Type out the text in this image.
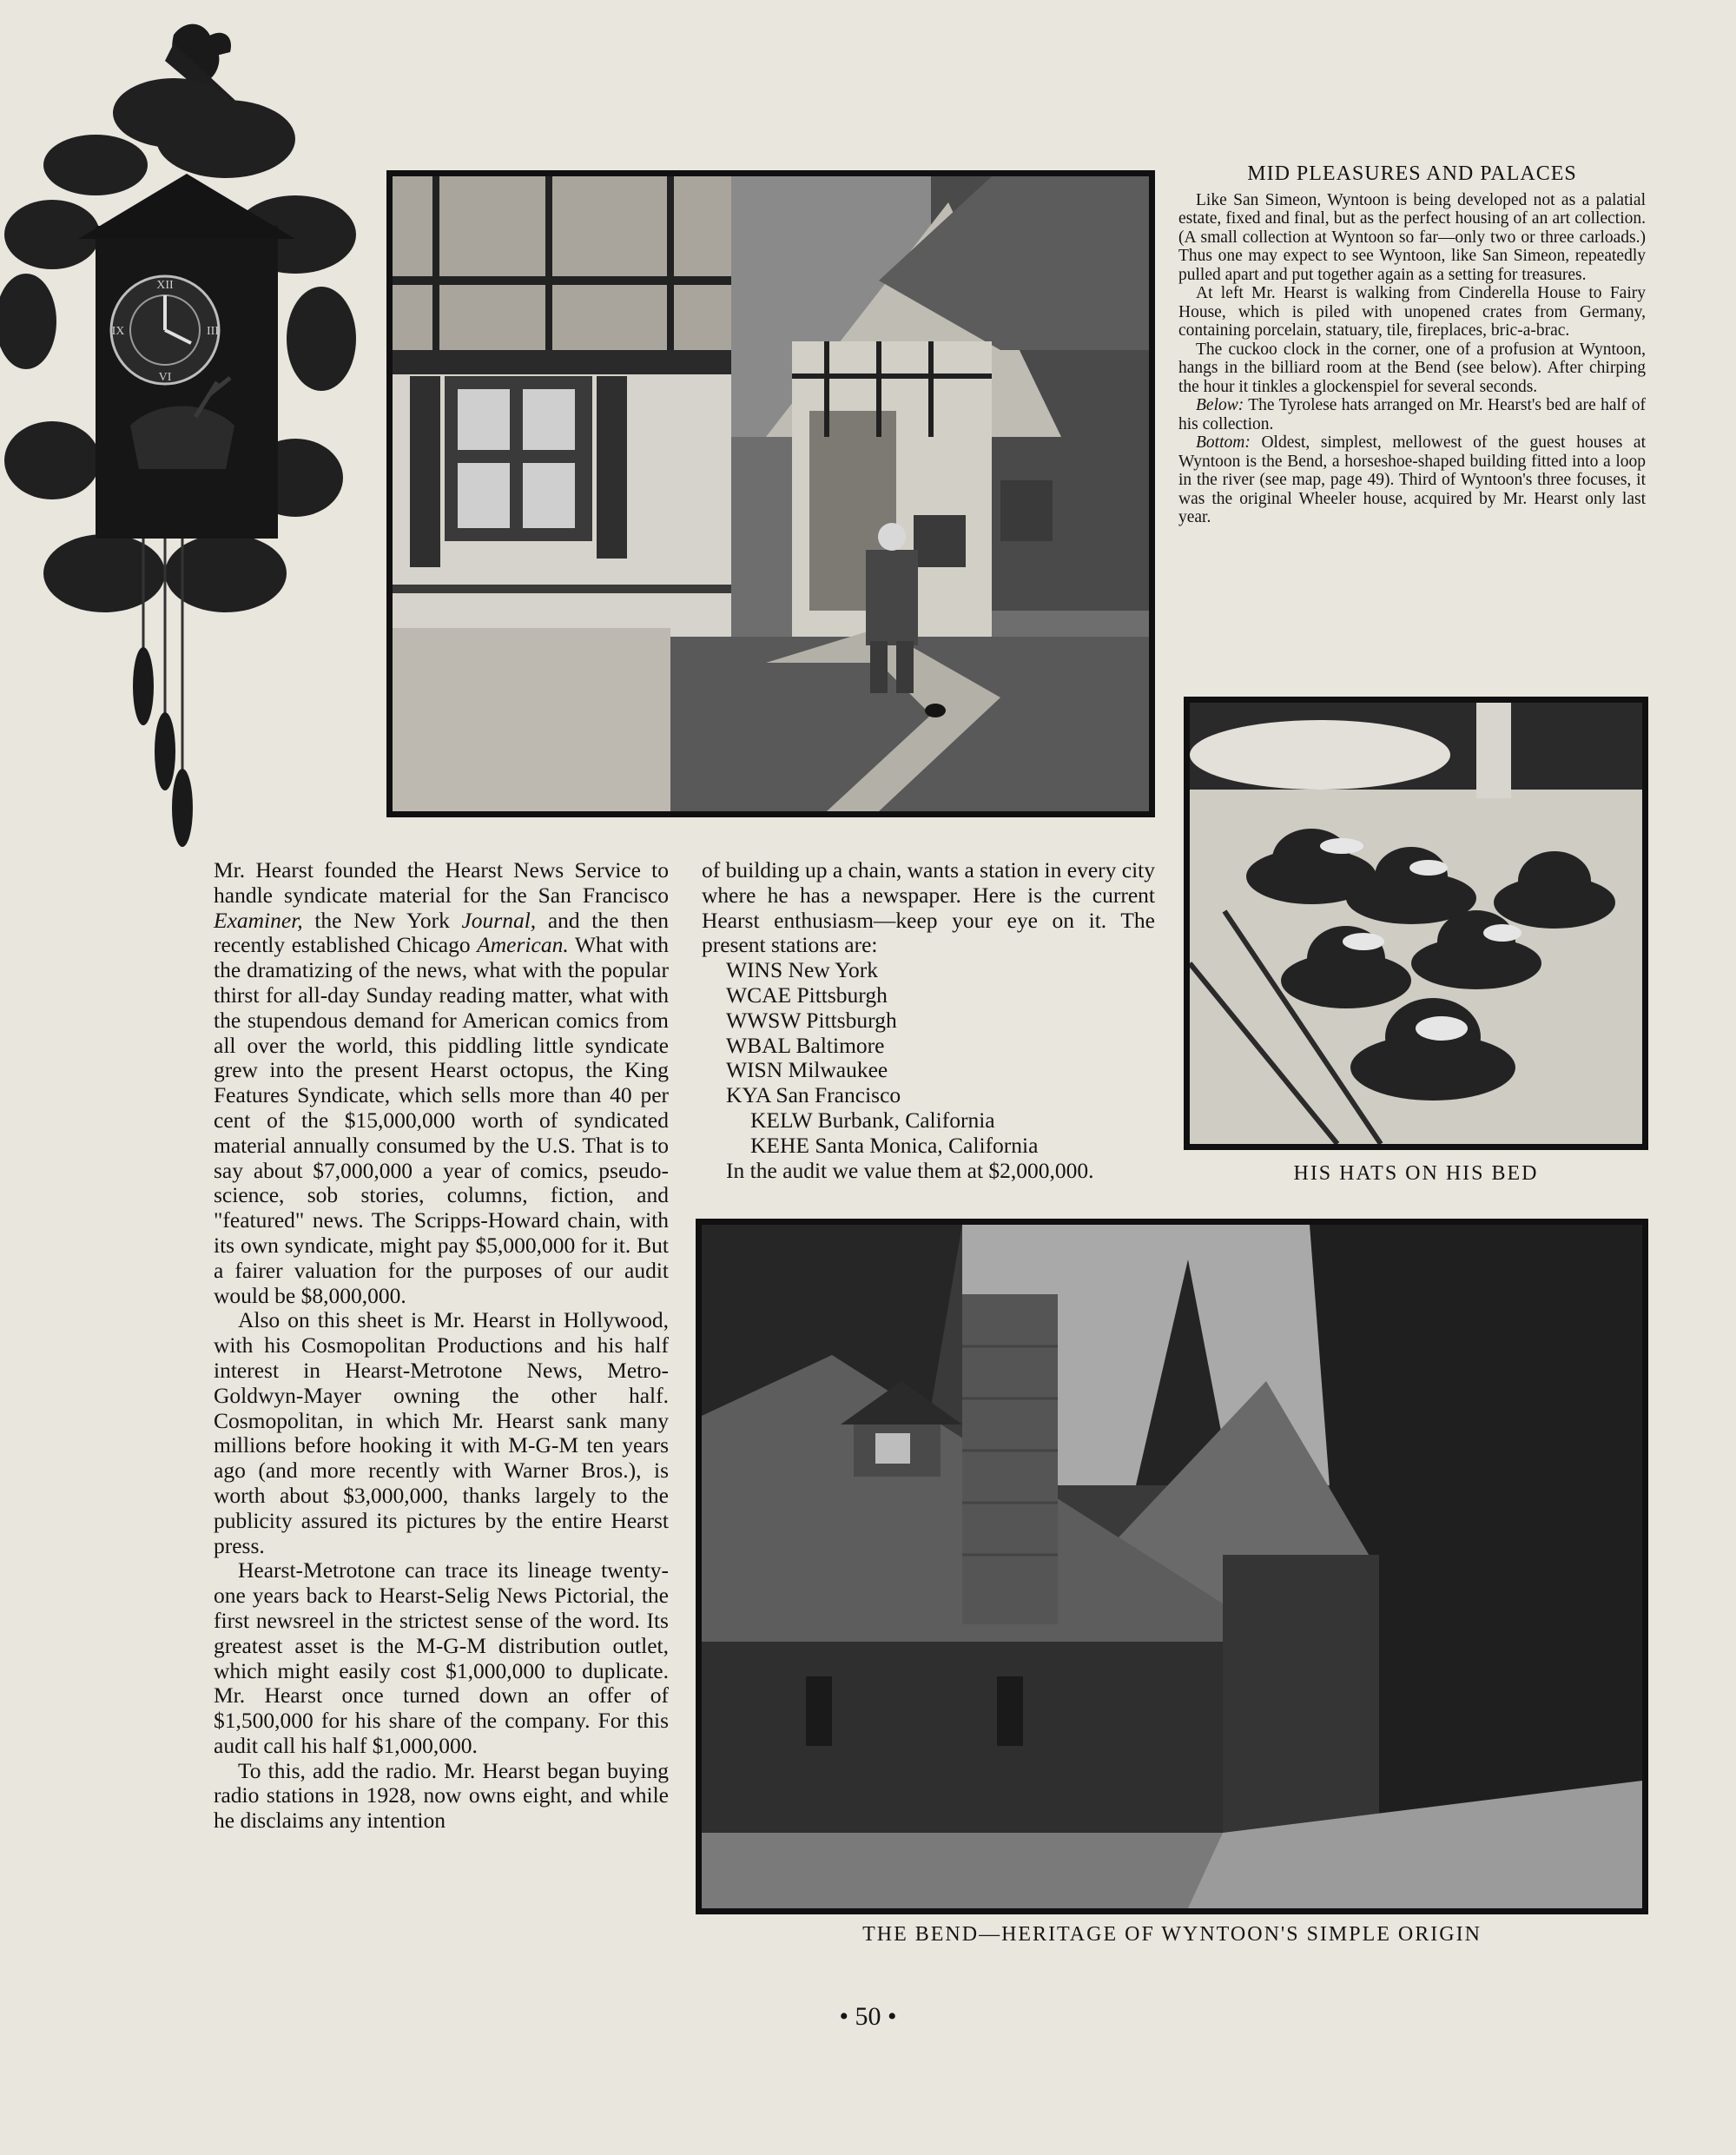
XII
III
VI
IX
MID PLEASURES AND PALACES

Like San Simeon, Wyntoon is being developed not as a palatial estate, fixed and final, but as the perfect housing of an art collection. (A small collection at Wyntoon so far—only two or three carloads.) Thus one may expect to see Wyntoon, like San Simeon, repeatedly pulled apart and put together again as a setting for treasures.

At left Mr. Hearst is walking from Cinderella House to Fairy House, which is piled with unopened crates from Germany, containing porcelain, statuary, tile, fireplaces, bric-a-brac.

The cuckoo clock in the corner, one of a profusion at Wyntoon, hangs in the billiard room at the Bend (see below). After chirping the hour it tinkles a glockenspiel for several seconds.

Below: The Tyrolese hats arranged on Mr. Hearst's bed are half of his collection.

Bottom: Oldest, simplest, mellowest of the guest houses at Wyntoon is the Bend, a horseshoe-shaped building fitted into a loop in the river (see map, page 49). Third of Wyntoon's three focuses, it was the original Wheeler house, acquired by Mr. Hearst only last year.

HIS HATS ON HIS BED

Mr. Hearst founded the Hearst News Service to handle syndicate material for the San Francisco Examiner, the New York Journal, and the then recently established Chicago American. What with the dramatizing of the news, what with the popular thirst for all-day Sunday reading matter, what with the stupendous demand for American comics from all over the world, this piddling little syndicate grew into the present Hearst octopus, the King Features Syndicate, which sells more than 40 per cent of the $15,000,000 worth of syndicated material annually consumed by the U.S. That is to say about $7,000,000 a year of comics, pseudo-science, sob stories, columns, fiction, and "featured" news. The Scripps-Howard chain, with its own syndicate, might pay $5,000,000 for it. But a fairer valuation for the purposes of our audit would be $8,000,000.

Also on this sheet is Mr. Hearst in Hollywood, with his Cosmopolitan Productions and his half interest in Hearst-Metrotone News, Metro-Goldwyn-Mayer owning the other half. Cosmopolitan, in which Mr. Hearst sank many millions before hooking it with M-G-M ten years ago (and more recently with Warner Bros.), is worth about $3,000,000, thanks largely to the publicity assured its pictures by the entire Hearst press.

Hearst-Metrotone can trace its lineage twenty-one years back to Hearst-Selig News Pictorial, the first newsreel in the strictest sense of the word. Its greatest asset is the M-G-M distribution outlet, which might easily cost $1,000,000 to duplicate. Mr. Hearst once turned down an offer of $1,500,000 for his share of the company. For this audit call his half $1,000,000.

To this, add the radio. Mr. Hearst began buying radio stations in 1928, now owns eight, and while he disclaims any intention

of building up a chain, wants a station in every city where he has a newspaper. Here is the current Hearst enthusiasm—keep your eye on it. The present stations are:

WINS New York
WCAE Pittsburgh
WWSW Pittsburgh
WBAL Baltimore
WISN Milwaukee
KYA San Francisco
KELW Burbank, California
KEHE Santa Monica, California

In the audit we value them at $2,000,000.

THE BEND—HERITAGE OF WYNTOON'S SIMPLE ORIGIN
• 50 •
